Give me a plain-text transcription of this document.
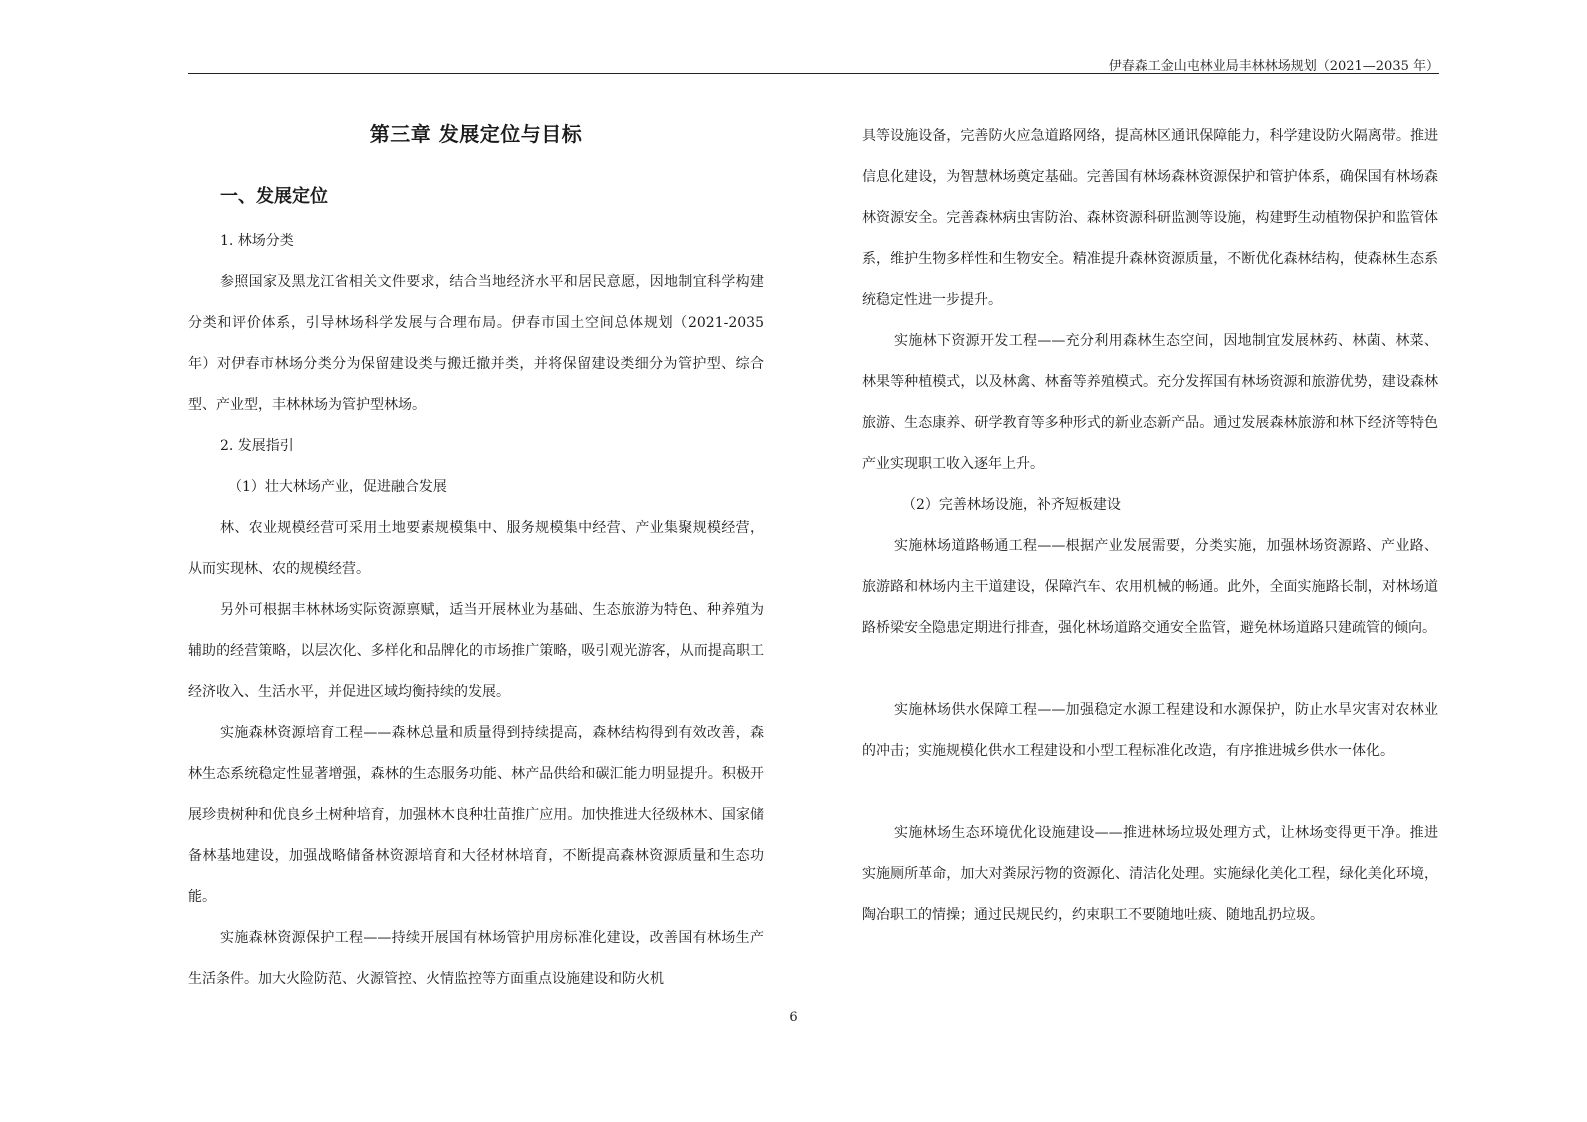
伊春森工金山屯林业局丰林林场规划（2021—2035 年）
第三章 发展定位与目标
一、发展定位

1. 林场分类

参照国家及黑龙江省相关文件要求，结合当地经济水平和居民意愿，因地制宜科学构建分类和评价体系，引导林场科学发展与合理布局。伊春市国土空间总体规划（2021-2035 年）对伊春市林场分类分为保留建设类与搬迁撤并类，并将保留建设类细分为管护型、综合型、产业型，丰林林场为管护型林场。

2. 发展指引

（1）壮大林场产业，促进融合发展

林、农业规模经营可采用土地要素规模集中、服务规模集中经营、产业集聚规模经营，从而实现林、农的规模经营。

另外可根据丰林林场实际资源禀赋，适当开展林业为基础、生态旅游为特色、种养殖为辅助的经营策略，以层次化、多样化和品牌化的市场推广策略，吸引观光游客，从而提高职工经济收入、生活水平，并促进区域均衡持续的发展。

实施森林资源培育工程——森林总量和质量得到持续提高，森林结构得到有效改善，森林生态系统稳定性显著增强，森林的生态服务功能、林产品供给和碳汇能力明显提升。积极开展珍贵树种和优良乡土树种培育，加强林木良种壮苗推广应用。加快推进大径级林木、国家储备林基地建设，加强战略储备林资源培育和大径材林培育，不断提高森林资源质量和生态功能。

实施森林资源保护工程——持续开展国有林场管护用房标准化建设，改善国有林场生产生活条件。加大火险防范、火源管控、火情监控等方面重点设施建设和防火机

具等设施设备，完善防火应急道路网络，提高林区通讯保障能力，科学建设防火隔离带。推进信息化建设，为智慧林场奠定基础。完善国有林场森林资源保护和管护体系，确保国有林场森林资源安全。完善森林病虫害防治、森林资源科研监测等设施，构建野生动植物保护和监管体系，维护生物多样性和生物安全。精准提升森林资源质量，不断优化森林结构，使森林生态系统稳定性进一步提升。

实施林下资源开发工程——充分利用森林生态空间，因地制宜发展林药、林菌、林菜、林果等种植模式，以及林禽、林畜等养殖模式。充分发挥国有林场资源和旅游优势，建设森林旅游、生态康养、研学教育等多种形式的新业态新产品。通过发展森林旅游和林下经济等特色产业实现职工收入逐年上升。

（2）完善林场设施，补齐短板建设

实施林场道路畅通工程——根据产业发展需要，分类实施，加强林场资源路、产业路、旅游路和林场内主干道建设，保障汽车、农用机械的畅通。此外，全面实施路长制，对林场道路桥梁安全隐患定期进行排查，强化林场道路交通安全监管，避免林场道路只建疏管的倾向。

实施林场供水保障工程——加强稳定水源工程建设和水源保护，防止水旱灾害对农林业的冲击；实施规模化供水工程建设和小型工程标准化改造，有序推进城乡供水一体化。

实施林场生态环境优化设施建设——推进林场垃圾处理方式，让林场变得更干净。推进实施厕所革命，加大对粪尿污物的资源化、清洁化处理。实施绿化美化工程，绿化美化环境，陶冶职工的情操；通过民规民约，约束职工不要随地吐痰、随地乱扔垃圾。

6
